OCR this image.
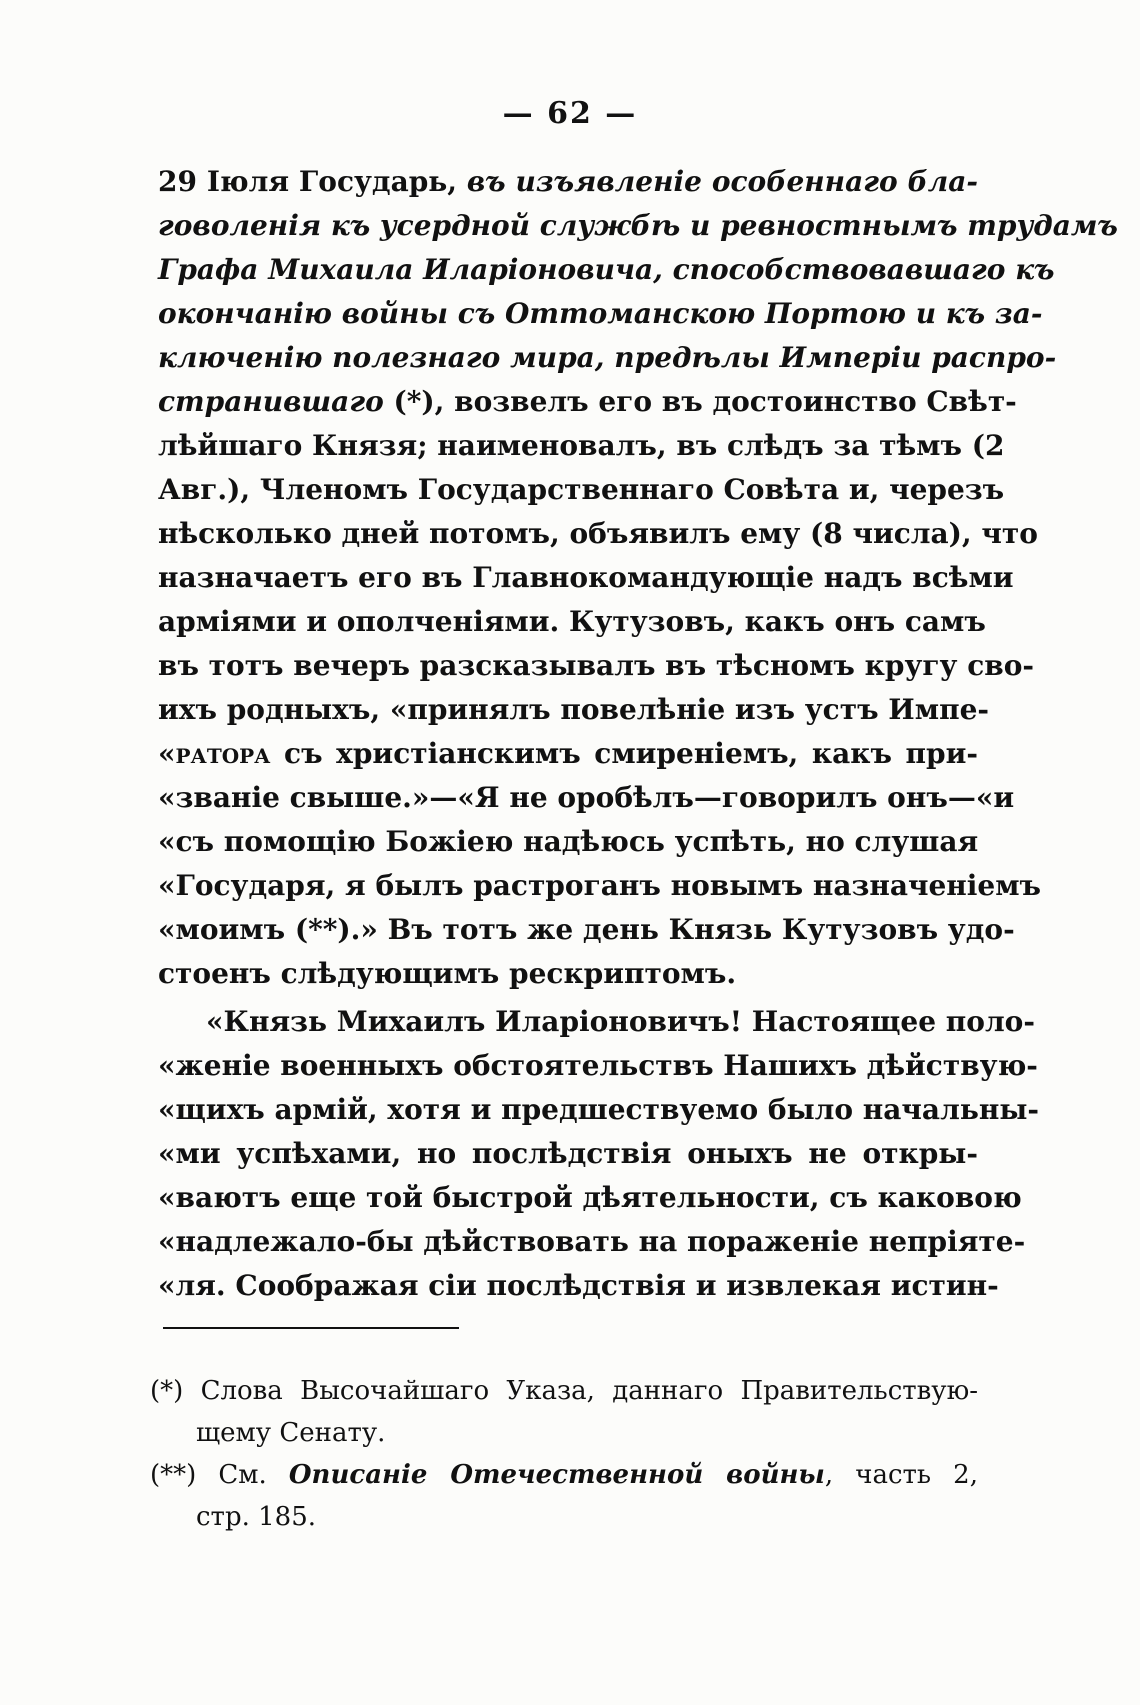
— 62 —
29 Іюля Государь, въ изъявленіе особеннаго бла-
говоленія къ усердной службѣ и ревностнымъ трудамъ
Графа Михаила Иларіоновича, способствовавшаго къ
окончанію войны съ Оттоманскою Портою и къ за-
ключенію полезнаго мира, предѣлы Имперіи распро-
странившаго (*), возвелъ его въ достоинство Свѣт-
лѣйшаго Князя; наименовалъ, въ слѣдъ за тѣмъ (2
Авг.), Членомъ Государственнаго Совѣта и, черезъ
нѣсколько дней потомъ, объявилъ ему (8 числа), что
назначаетъ его въ Главнокомандующіе надъ всѣми
арміями и ополченіями. Кутузовъ, какъ онъ самъ
въ тотъ вечеръ разсказывалъ въ тѣсномъ кругу сво-
ихъ родныхъ, «принялъ повелѣніе изъ устъ Импе-
«РАТОРА съ христіанскимъ смиреніемъ, какъ при-
«званіе свыше.»—«Я не оробѣлъ—говорилъ онъ—«и
«съ помощію Божіею надѣюсь успѣть, но слушая
«Государя, я былъ растроганъ новымъ назначеніемъ
«моимъ (**).» Въ тотъ же день Князь Кутузовъ удо-
стоенъ слѣдующимъ рескриптомъ.
«Князь Михаилъ Иларіоновичъ! Настоящее поло-
«женіе военныхъ обстоятельствъ Нашихъ дѣйствую-
«щихъ армій, хотя и предшествуемо было начальны-
«ми успѣхами, но послѣдствія оныхъ не откры-
«ваютъ еще той быстрой дѣятельности, съ каковою
«надлежало-бы дѣйствовать на пораженіе непріяте-
«ля. Соображая сіи послѣдствія и извлекая истин-
(*) Слова Высочайшаго Указа, даннаго Правительствую-
щему Сенату.
(**) См. Описаніе Отечественной войны, часть 2,
стр. 185.
